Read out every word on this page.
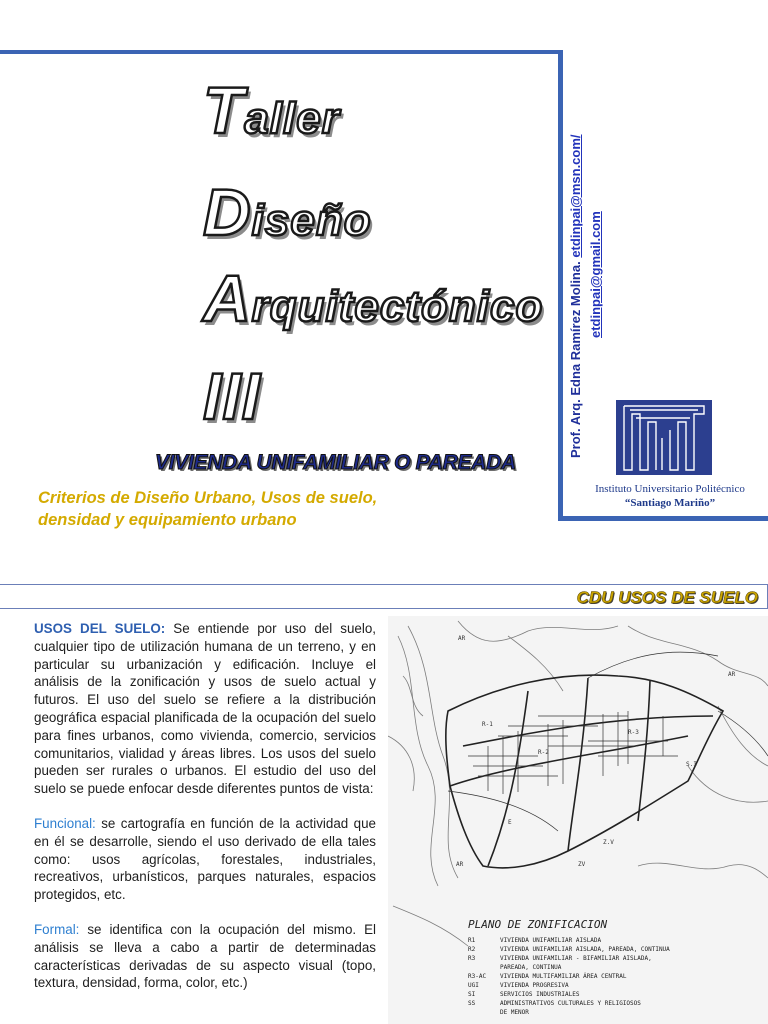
Taller
Diseño
Arquitectónico
III
VIVIENDA UNIFAMILIAR O PAREADA
Criterios de Diseño Urbano, Usos de suelo,
densidad y equipamiento urbano
Prof. Arq. Edna Ramírez Molina. etdinpai@msn.com/
etdinpai@gmail.com
Instituto Universitario Politécnico
“Santiago Mariño”
CDU USOS DE SUELO

USOS DEL SUELO: Se entiende por uso del suelo, cualquier tipo de utilización humana de un terreno, y en particular su urbanización y edificación. Incluye el análisis de la zonificación y usos de suelo actual y futuros. El uso del suelo se refiere a la distribución geográfica espacial planificada de la ocupación del suelo para fines urbanos, como vivienda, comercio, servicios comunitarios, vialidad y áreas libres. Los usos del suelo pueden ser rurales o urbanos. El estudio del uso del suelo se puede enfocar desde diferentes puntos de vista:

Funcional: se cartografía en función de la actividad que en él se desarrolle, siendo el uso derivado de ella tales como: usos agrícolas, forestales, industriales, recreativos, urbanísticos, parques naturales, espacios protegidos, etc.

Formal: se identifica con la ocupación del mismo. El análisis se lleva a cabo a partir de determinadas características derivadas de su aspecto visual (topo, textura, densidad, forma, color, etc.)

AR
R-1
R-2
R-3
Z.V
S.I
E
AR
AR
ZV
PLANO DE ZONIFICACION
R1	VIVIENDA UNIFAMILIAR AISLADA
R2	VIVIENDA UNIFAMILIAR AISLADA, PAREADA, CONTINUA
R3	VIVIENDA UNIFAMILIAR - BIFAMILIAR AISLADA,
PAREADA, CONTINUA
R3-AC VIVIENDA MULTIFAMILIAR ÁREA CENTRAL
UGI	VIVIENDA PROGRESIVA
SI	SERVICIOS INDUSTRIALES
SS	ADMINISTRATIVOS CULTURALES Y RELIGIOSOS
DE MENOR
